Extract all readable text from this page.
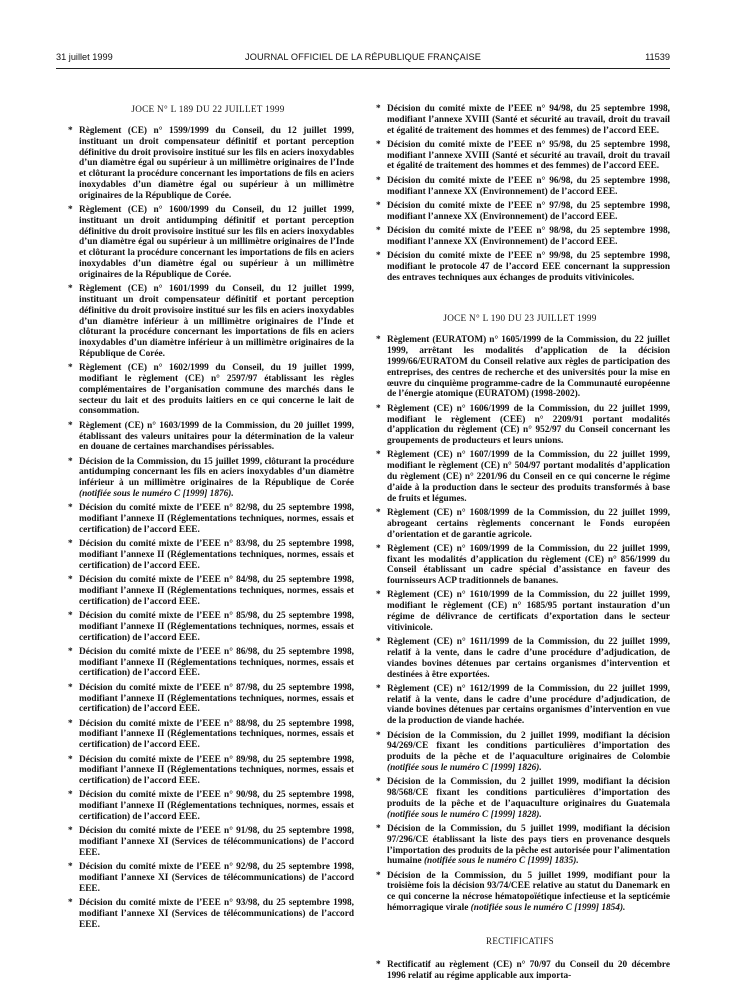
31 juillet 1999	JOURNAL OFFICIEL DE LA RÉPUBLIQUE FRANÇAISE	11539
JOCE N° L 189 DU 22 JUILLET 1999
* Règlement (CE) n° 1599/1999 du Conseil, du 12 juillet 1999, instituant un droit compensateur définitif et portant perception définitive du droit provisoire institué sur les fils en aciers inoxydables d’un diamètre égal ou supérieur à un millimètre originaires de l’Inde et clôturant la procédure concernant les importations de fils en aciers inoxydables d’un diamètre égal ou supérieur à un millimètre originaires de la République de Corée.
* Règlement (CE) n° 1600/1999 du Conseil, du 12 juillet 1999, instituant un droit antidumping définitif et portant perception définitive du droit provisoire institué sur les fils en aciers inoxydables d’un diamètre égal ou supérieur à un millimètre originaires de l’Inde et clôturant la procédure concernant les importations de fils en aciers inoxydables d’un diamètre égal ou supérieur à un millimètre originaires de la République de Corée.
* Règlement (CE) n° 1601/1999 du Conseil, du 12 juillet 1999, instituant un droit compensateur définitif et portant perception définitive du droit provisoire institué sur les fils en aciers inoxydables d’un diamètre inférieur à un millimètre originaires de l’Inde et clôturant la procédure concernant les importations de fils en aciers inoxydables d’un diamètre inférieur à un millimètre originaires de la République de Corée.
* Règlement (CE) n° 1602/1999 du Conseil, du 19 juillet 1999, modifiant le règlement (CE) n° 2597/97 établissant les règles complémentaires de l’organisation commune des marchés dans le secteur du lait et des produits laitiers en ce qui concerne le lait de consommation.
* Règlement (CE) n° 1603/1999 de la Commission, du 20 juillet 1999, établissant des valeurs unitaires pour la détermination de la valeur en douane de certaines marchandises périssables.
* Décision de la Commission, du 15 juillet 1999, clôturant la procédure antidumping concernant les fils en aciers inoxydables d’un diamètre inférieur à un millimètre originaires de la République de Corée (notifiée sous le numéro C [1999] 1876).
* Décision du comité mixte de l’EEE n° 82/98, du 25 septembre 1998, modifiant l’annexe II (Réglementations techniques, normes, essais et certification) de l’accord EEE.
* Décision du comité mixte de l’EEE n° 83/98, du 25 septembre 1998, modifiant l’annexe II (Réglementations techniques, normes, essais et certification) de l’accord EEE.
* Décision du comité mixte de l’EEE n° 84/98, du 25 septembre 1998, modifiant l’annexe II (Réglementations techniques, normes, essais et certification) de l’accord EEE.
* Décision du comité mixte de l’EEE n° 85/98, du 25 septembre 1998, modifiant l’annexe II (Réglementations techniques, normes, essais et certification) de l’accord EEE.
* Décision du comité mixte de l’EEE n° 86/98, du 25 septembre 1998, modifiant l’annexe II (Réglementations techniques, normes, essais et certification) de l’accord EEE.
* Décision du comité mixte de l’EEE n° 87/98, du 25 septembre 1998, modifiant l’annexe II (Réglementations techniques, normes, essais et certification) de l’accord EEE.
* Décision du comité mixte de l’EEE n° 88/98, du 25 septembre 1998, modifiant l’annexe II (Réglementations techniques, normes, essais et certification) de l’accord EEE.
* Décision du comité mixte de l’EEE n° 89/98, du 25 septembre 1998, modifiant l’annexe II (Réglementations techniques, normes, essais et certification) de l’accord EEE.
* Décision du comité mixte de l’EEE n° 90/98, du 25 septembre 1998, modifiant l’annexe II (Réglementations techniques, normes, essais et certification) de l’accord EEE.
* Décision du comité mixte de l’EEE n° 91/98, du 25 septembre 1998, modifiant l’annexe XI (Services de télécommunications) de l’accord EEE.
* Décision du comité mixte de l’EEE n° 92/98, du 25 septembre 1998, modifiant l’annexe XI (Services de télécommunications) de l’accord EEE.
* Décision du comité mixte de l’EEE n° 93/98, du 25 septembre 1998, modifiant l’annexe XI (Services de télécommunications) de l’accord EEE.
* Décision du comité mixte de l’EEE n° 94/98, du 25 septembre 1998, modifiant l’annexe XVIII (Santé et sécurité au travail, droit du travail et égalité de traitement des hommes et des femmes) de l’accord EEE.
* Décision du comité mixte de l’EEE n° 95/98, du 25 septembre 1998, modifiant l’annexe XVIII (Santé et sécurité au travail, droit du travail et égalité de traitement des hommes et des femmes) de l’accord EEE.
* Décision du comité mixte de l’EEE n° 96/98, du 25 septembre 1998, modifiant l’annexe XX (Environnement) de l’accord EEE.
* Décision du comité mixte de l’EEE n° 97/98, du 25 septembre 1998, modifiant l’annexe XX (Environnement) de l’accord EEE.
* Décision du comité mixte de l’EEE n° 98/98, du 25 septembre 1998, modifiant l’annexe XX (Environnement) de l’accord EEE.
* Décision du comité mixte de l’EEE n° 99/98, du 25 septembre 1998, modifiant le protocole 47 de l’accord EEE concernant la suppression des entraves techniques aux échanges de produits vitivinicoles.
JOCE N° L 190 DU 23 JUILLET 1999
* Règlement (EURATOM) n° 1605/1999 de la Commission, du 22 juillet 1999, arrêtant les modalités d’application de la décision 1999/66/EURATOM du Conseil relative aux règles de participation des entreprises, des centres de recherche et des universités pour la mise en œuvre du cinquième programme-cadre de la Communauté européenne de l’énergie atomique (EURATOM) (1998-2002).
* Règlement (CE) n° 1606/1999 de la Commission, du 22 juillet 1999, modifiant le règlement (CEE) n° 2209/91 portant modalités d’application du règlement (CE) n° 952/97 du Conseil concernant les groupements de producteurs et leurs unions.
* Règlement (CE) n° 1607/1999 de la Commission, du 22 juillet 1999, modifiant le règlement (CE) n° 504/97 portant modalités d’application du règlement (CE) n° 2201/96 du Conseil en ce qui concerne le régime d’aide à la production dans le secteur des produits transformés à base de fruits et légumes.
* Règlement (CE) n° 1608/1999 de la Commission, du 22 juillet 1999, abrogeant certains règlements concernant le Fonds européen d’orientation et de garantie agricole.
* Règlement (CE) n° 1609/1999 de la Commission, du 22 juillet 1999, fixant les modalités d’application du règlement (CE) n° 856/1999 du Conseil établissant un cadre spécial d’assistance en faveur des fournisseurs ACP traditionnels de bananes.
* Règlement (CE) n° 1610/1999 de la Commission, du 22 juillet 1999, modifiant le règlement (CE) n° 1685/95 portant instauration d’un régime de délivrance de certificats d’exportation dans le secteur vitivinicole.
* Règlement (CE) n° 1611/1999 de la Commission, du 22 juillet 1999, relatif à la vente, dans le cadre d’une procédure d’adjudication, de viandes bovines détenues par certains organismes d’intervention et destinées à être exportées.
* Règlement (CE) n° 1612/1999 de la Commission, du 22 juillet 1999, relatif à la vente, dans le cadre d’une procédure d’adjudication, de viande bovines détenues par certains organismes d’intervention en vue de la production de viande hachée.
* Décision de la Commission, du 2 juillet 1999, modifiant la décision 94/269/CE fixant les conditions particulières d’importation des produits de la pêche et de l’aquaculture originaires de Colombie (notifiée sous le numéro C [1999] 1826).
* Décision de la Commission, du 2 juillet 1999, modifiant la décision 98/568/CE fixant les conditions particulières d’importation des produits de la pêche et de l’aquaculture originaires du Guatemala (notifiée sous le numéro C [1999] 1828).
* Décision de la Commission, du 5 juillet 1999, modifiant la décision 97/296/CE établissant la liste des pays tiers en provenance desquels l’importation des produits de la pêche est autorisée pour l’alimentation humaine (notifiée sous le numéro C [1999] 1835).
* Décision de la Commission, du 5 juillet 1999, modifiant pour la troisième fois la décision 93/74/CEE relative au statut du Danemark en ce qui concerne la nécrose hématopoïétique infectieuse et la septicémie hémorragique virale (notifiée sous le numéro C [1999] 1854).
RECTIFICATIFS
* Rectificatif au règlement (CE) n° 70/97 du Conseil du 20 décembre 1996 relatif au régime applicable aux importa-
